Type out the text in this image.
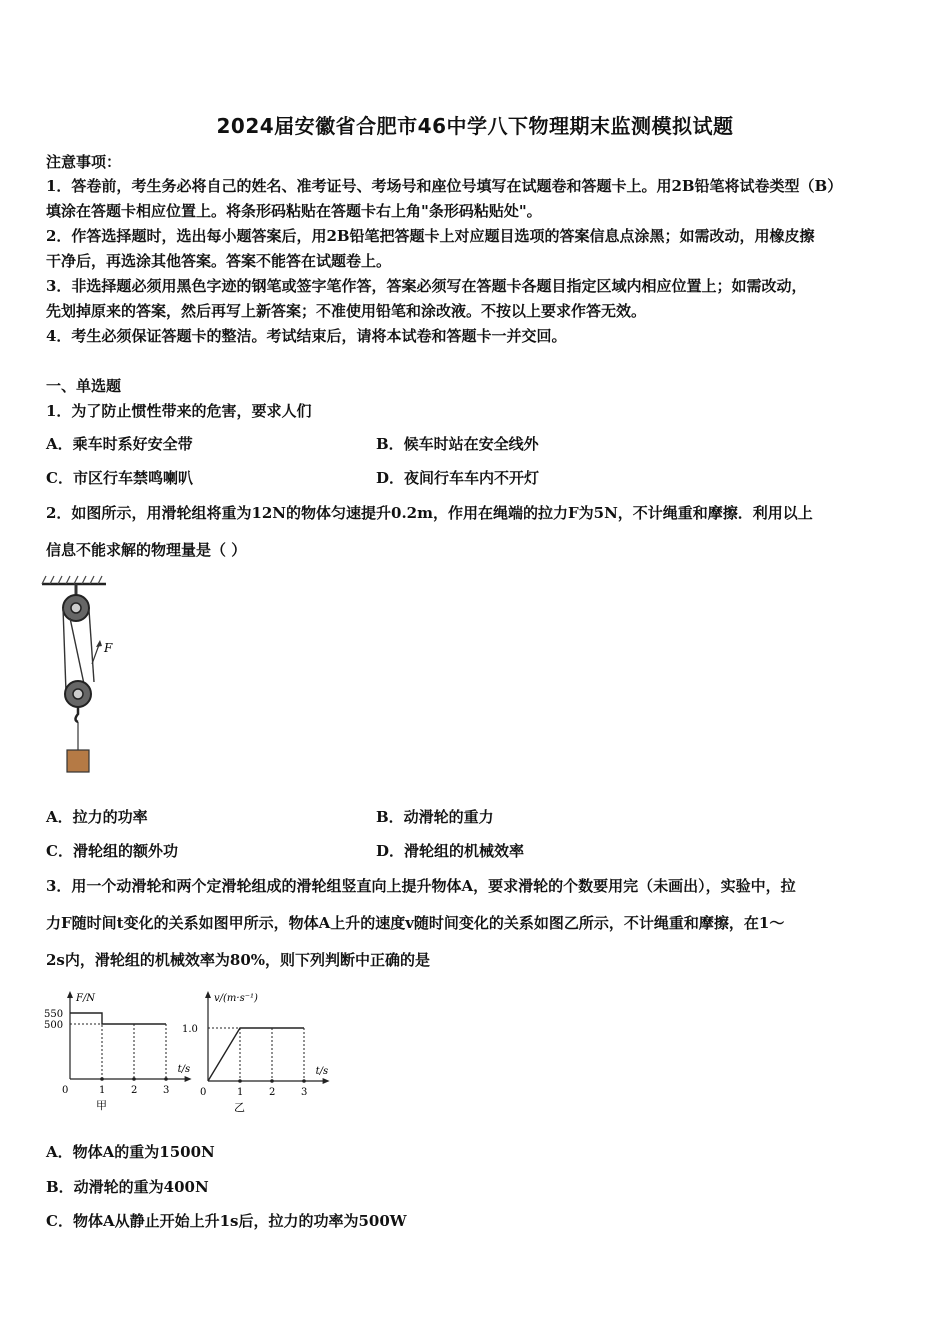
2024届安徽省合肥市46中学八下物理期末监测模拟试题
注意事项：
1．答卷前，考生务必将自己的姓名、准考证号、考场号和座位号填写在试题卷和答题卡上。用2B铅笔将试卷类型（B）
填涂在答题卡相应位置上。将条形码粘贴在答题卡右上角"条形码粘贴处"。
2．作答选择题时，选出每小题答案后，用2B铅笔把答题卡上对应题目选项的答案信息点涂黑；如需改动，用橡皮擦
干净后，再选涂其他答案。答案不能答在试题卷上。
3．非选择题必须用黑色字迹的钢笔或签字笔作答，答案必须写在答题卡各题目指定区域内相应位置上；如需改动，
先划掉原来的答案，然后再写上新答案；不准使用铅笔和涂改液。不按以上要求作答无效。
4．考生必须保证答题卡的整洁。考试结束后，请将本试卷和答题卡一并交回。
一、单选题
1．为了防止惯性带来的危害，要求人们
A．乘车时系好安全带	B．候车时站在安全线外
C．市区行车禁鸣喇叭	D．夜间行车车内不开灯
2．如图所示，用滑轮组将重为12N的物体匀速提升0.2m，作用在绳端的拉力F为5N，不计绳重和摩擦．利用以上
信息不能求解的物理量是（ ）
F
A．拉力的功率	B．动滑轮的重力
C．滑轮组的额外功	D．滑轮组的机械效率
3．用一个动滑轮和两个定滑轮组成的滑轮组竖直向上提升物体A，要求滑轮的个数要用完（未画出），实验中，拉
力F随时间t变化的关系如图甲所示，物体A上升的速度v随时间变化的关系如图乙所示，不计绳重和摩擦，在1～
2s内，滑轮组的机械效率为80%，则下列判断中正确的是
F/N
t/s
0	1	2	3
550
500
甲
v/(m·s⁻¹)
t/s
0	1	2	3
1.0
乙
A．物体A的重为1500N
B．动滑轮的重为400N
C．物体A从静止开始上升1s后，拉力的功率为500W
